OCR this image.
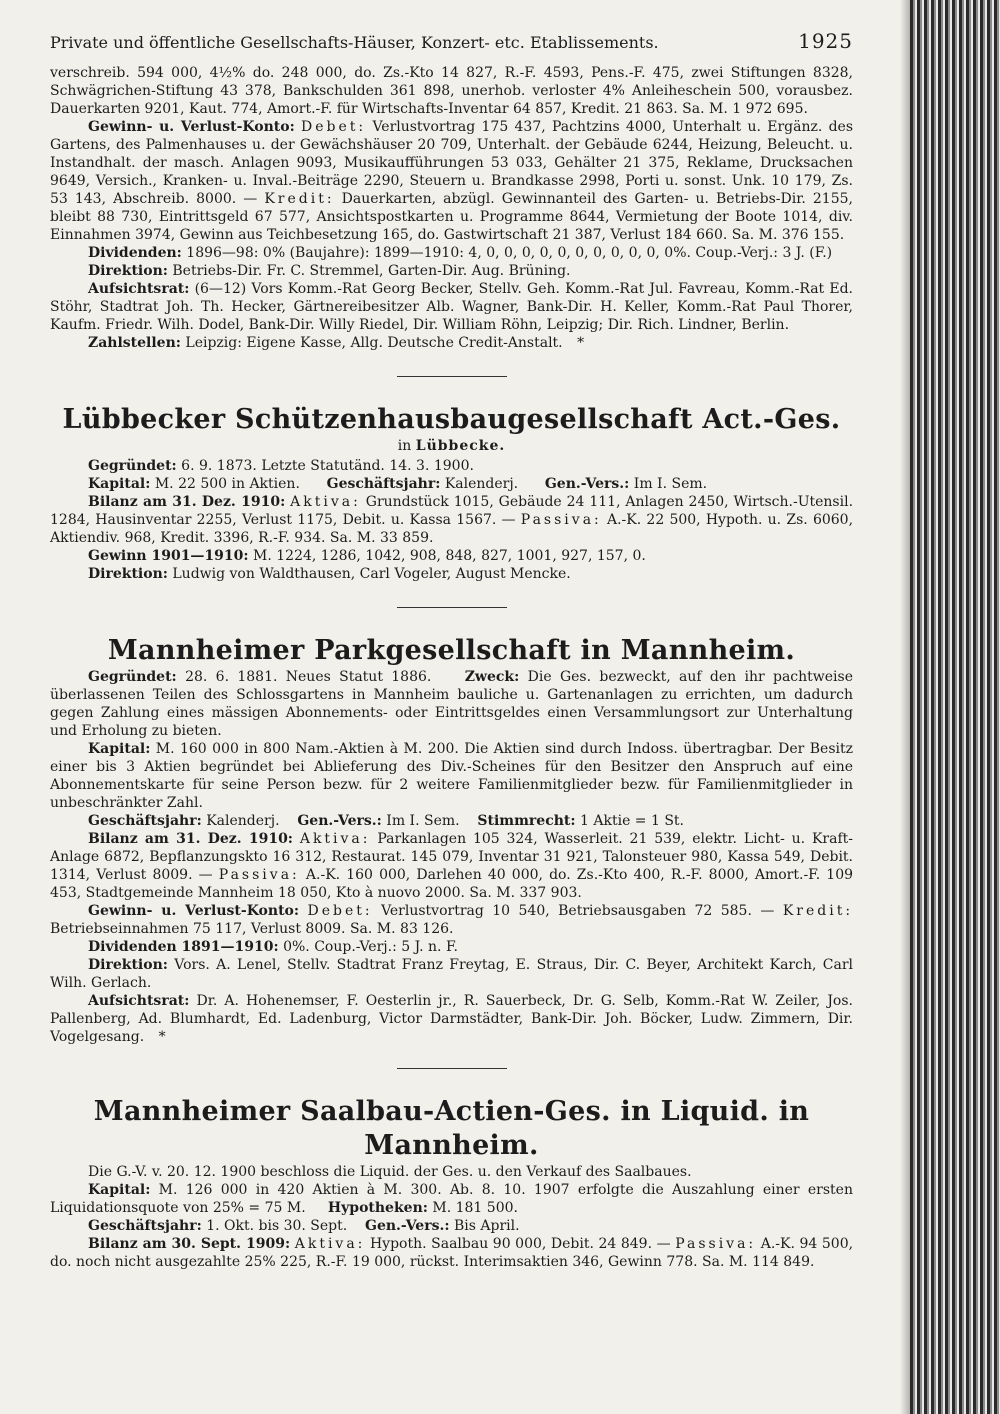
Private und öffentliche Gesellschafts-Häuser, Konzert- etc. Etablissements.	1925

verschreib. 594 000, 4½% do. 248 000, do. Zs.-Kto 14 827, R.-F. 4593, Pens.-F. 475, zwei Stiftungen 8328, Schwägrichen-Stiftung 43 378, Bankschulden 361 898, unerhob. verloster 4% Anleiheschein 500, vorausbez. Dauerkarten 9201, Kaut. 774, Amort.-F. für Wirtschafts-Inventar 64 857, Kredit. 21 863. Sa. M. 1 972 695.

Gewinn- u. Verlust-Konto: Debet: Verlustvortrag 175 437, Pachtzins 4000, Unterhalt u. Ergänz. des Gartens, des Palmenhauses u. der Gewächshäuser 20 709, Unterhalt. der Gebäude 6244, Heizung, Beleucht. u. Instandhalt. der masch. Anlagen 9093, Musikaufführungen 53 033, Gehälter 21 375, Reklame, Drucksachen 9649, Versich., Kranken- u. Inval.-Beiträge 2290, Steuern u. Brandkasse 2998, Porti u. sonst. Unk. 10 179, Zs. 53 143, Abschreib. 8000. — Kredit: Dauerkarten, abzügl. Gewinnanteil des Garten- u. Betriebs-Dir. 2155, bleibt 88 730, Eintrittsgeld 67 577, Ansichtspostkarten u. Programme 8644, Vermietung der Boote 1014, div. Einnahmen 3974, Gewinn aus Teichbesetzung 165, do. Gastwirtschaft 21 387, Verlust 184 660. Sa. M. 376 155.

Dividenden: 1896—98: 0% (Baujahre): 1899—1910: 4, 0, 0, 0, 0, 0, 0, 0, 0, 0, 0, 0%. Coup.-Verj.: 3 J. (F.)

Direktion: Betriebs-Dir. Fr. C. Stremmel, Garten-Dir. Aug. Brüning.

Aufsichtsrat: (6—12) Vors Komm.-Rat Georg Becker, Stellv. Geh. Komm.-Rat Jul. Favreau, Komm.-Rat Ed. Stöhr, Stadtrat Joh. Th. Hecker, Gärtnereibesitzer Alb. Wagner, Bank-Dir. H. Keller, Komm.-Rat Paul Thorer, Kaufm. Friedr. Wilh. Dodel, Bank-Dir. Willy Riedel, Dir. William Röhn, Leipzig; Dir. Rich. Lindner, Berlin.

Zahlstellen: Leipzig: Eigene Kasse, Allg. Deutsche Credit-Anstalt. *

Lübbecker Schützenhausbaugesellschaft Act.-Ges.

in Lübbecke.

Gegründet: 6. 9. 1873. Letzte Statutänd. 14. 3. 1900.

Kapital: M. 22 500 in Aktien. Geschäftsjahr: Kalenderj. Gen.-Vers.: Im I. Sem.

Bilanz am 31. Dez. 1910: Aktiva: Grundstück 1015, Gebäude 24 111, Anlagen 2450, Wirtsch.-Utensil. 1284, Hausinventar 2255, Verlust 1175, Debit. u. Kassa 1567. — Passiva: A.-K. 22 500, Hypoth. u. Zs. 6060, Aktiendiv. 968, Kredit. 3396, R.-F. 934. Sa. M. 33 859.

Gewinn 1901—1910: M. 1224, 1286, 1042, 908, 848, 827, 1001, 927, 157, 0.

Direktion: Ludwig von Waldthausen, Carl Vogeler, August Mencke.

Mannheimer Parkgesellschaft in Mannheim.

Gegründet: 28. 6. 1881. Neues Statut 1886. Zweck: Die Ges. bezweckt, auf den ihr pachtweise überlassenen Teilen des Schlossgartens in Mannheim bauliche u. Gartenanlagen zu errichten, um dadurch gegen Zahlung eines mässigen Abonnements- oder Eintrittsgeldes einen Versammlungsort zur Unterhaltung und Erholung zu bieten.

Kapital: M. 160 000 in 800 Nam.-Aktien à M. 200. Die Aktien sind durch Indoss. übertragbar. Der Besitz einer bis 3 Aktien begründet bei Ablieferung des Div.-Scheines für den Besitzer den Anspruch auf eine Abonnementskarte für seine Person bezw. für 2 weitere Familienmitglieder bezw. für Familienmitglieder in unbeschränkter Zahl.

Geschäftsjahr: Kalenderj. Gen.-Vers.: Im I. Sem. Stimmrecht: 1 Aktie = 1 St.

Bilanz am 31. Dez. 1910: Aktiva: Parkanlagen 105 324, Wasserleit. 21 539, elektr. Licht- u. Kraft-Anlage 6872, Bepflanzungskto 16 312, Restaurat. 145 079, Inventar 31 921, Talonsteuer 980, Kassa 549, Debit. 1314, Verlust 8009. — Passiva: A.-K. 160 000, Darlehen 40 000, do. Zs.-Kto 400, R.-F. 8000, Amort.-F. 109 453, Stadtgemeinde Mannheim 18 050, Kto à nuovo 2000. Sa. M. 337 903.

Gewinn- u. Verlust-Konto: Debet: Verlustvortrag 10 540, Betriebsausgaben 72 585. — Kredit: Betriebseinnahmen 75 117, Verlust 8009. Sa. M. 83 126.

Dividenden 1891—1910: 0%. Coup.-Verj.: 5 J. n. F.

Direktion: Vors. A. Lenel, Stellv. Stadtrat Franz Freytag, E. Straus, Dir. C. Beyer, Architekt Karch, Carl Wilh. Gerlach.

Aufsichtsrat: Dr. A. Hohenemser, F. Oesterlin jr., R. Sauerbeck, Dr. G. Selb, Komm.-Rat W. Zeiler, Jos. Pallenberg, Ad. Blumhardt, Ed. Ladenburg, Victor Darmstädter, Bank-Dir. Joh. Böcker, Ludw. Zimmern, Dir. Vogelgesang. *

Mannheimer Saalbau-Actien-Ges. in Liquid. in Mannheim.

Die G.-V. v. 20. 12. 1900 beschloss die Liquid. der Ges. u. den Verkauf des Saalbaues.

Kapital: M. 126 000 in 420 Aktien à M. 300. Ab. 8. 10. 1907 erfolgte die Auszahlung einer ersten Liquidationsquote von 25% = 75 M. Hypotheken: M. 181 500.

Geschäftsjahr: 1. Okt. bis 30. Sept. Gen.-Vers.: Bis April.

Bilanz am 30. Sept. 1909: Aktiva: Hypoth. Saalbau 90 000, Debit. 24 849. — Passiva: A.-K. 94 500, do. noch nicht ausgezahlte 25% 225, R.-F. 19 000, rückst. Interimsaktien 346, Gewinn 778. Sa. M. 114 849.
